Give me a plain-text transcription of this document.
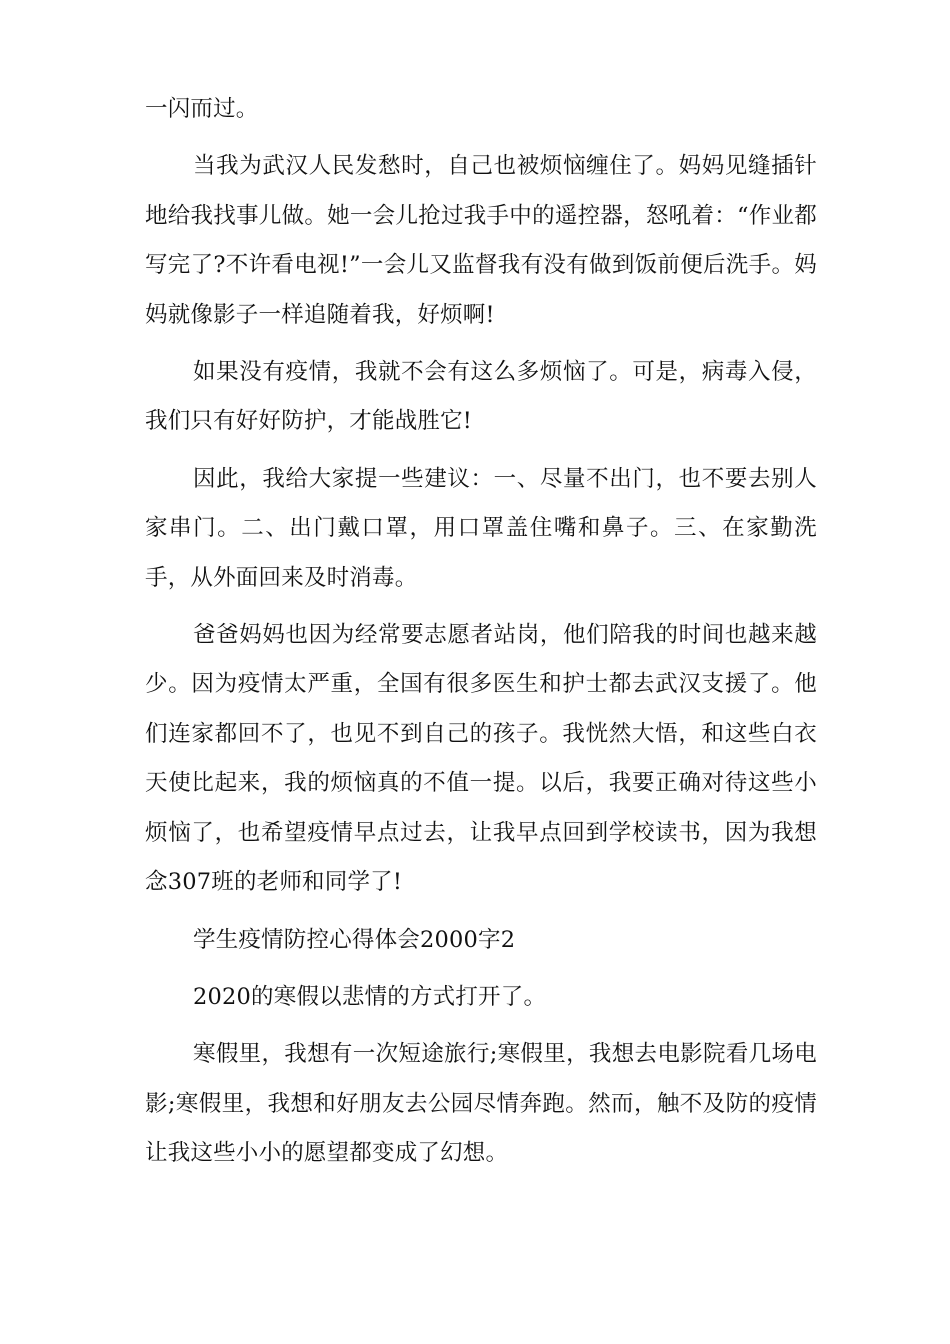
一闪而过。

当我为武汉人民发愁时，自己也被烦恼缠住了。妈妈见缝插针地给我找事儿做。她一会儿抢过我手中的遥控器，怒吼着：“作业都写完了?不许看电视!”一会儿又监督我有没有做到饭前便后洗手。妈妈就像影子一样追随着我，好烦啊!

如果没有疫情，我就不会有这么多烦恼了。可是，病毒入侵，我们只有好好防护，才能战胜它!

因此，我给大家提一些建议：一、尽量不出门，也不要去别人家串门。二、出门戴口罩，用口罩盖住嘴和鼻子。三、在家勤洗手，从外面回来及时消毒。

爸爸妈妈也因为经常要志愿者站岗，他们陪我的时间也越来越少。因为疫情太严重，全国有很多医生和护士都去武汉支援了。他们连家都回不了，也见不到自己的孩子。我恍然大悟，和这些白衣天使比起来，我的烦恼真的不值一提。以后，我要正确对待这些小烦恼了，也希望疫情早点过去，让我早点回到学校读书，因为我想念307班的老师和同学了!

学生疫情防控心得体会2000字2

2020的寒假以悲情的方式打开了。

寒假里，我想有一次短途旅行;寒假里，我想去电影院看几场电影;寒假里，我想和好朋友去公园尽情奔跑。然而，触不及防的疫情让我这些小小的愿望都变成了幻想。
